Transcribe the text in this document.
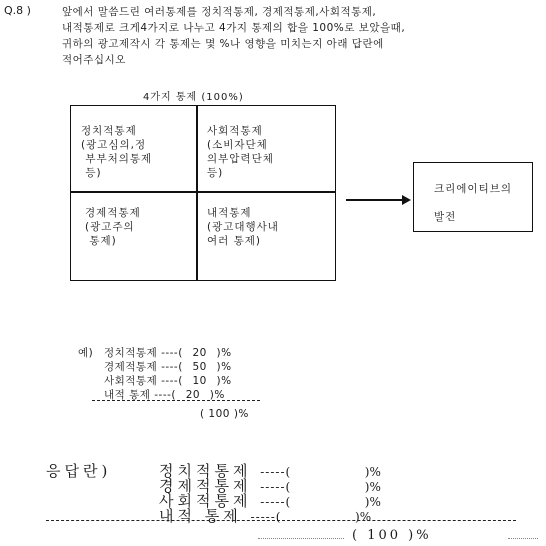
Q.8 )	앞에서 말씀드린 여러통제를 정치적통제, 경제적통제,사회적통제,
내적통제로 크게4가지로 나누고 4가지 통제의 합을 100%로 보았을때,
귀하의 광고제작시 각 통제는 몇 %나 영향을 미치는지 아래 답란에
적어주십시오
4가지 통제 (100%)
정치적통제
(광고심의,정
부부처의통제
등)
사회적통제
(소비자단체
의부압력단체
등)
경제적통제
(광고주의
통제)
내적통제
(광고대행사내
여러 통제)
크리에이티브의
발전
예) 정치적통제 ----( 20 )%
경제적통제 ----( 50 )%
사회적통제 ----( 10 )%
내적 통제 ----( 20 )%
( 100 )%
응답란)	정치적통제 -----(	)%
경제적통제 -----(	)%
사회적통제 -----(	)%
내적 통제 -----(	)%
( 100 )%
